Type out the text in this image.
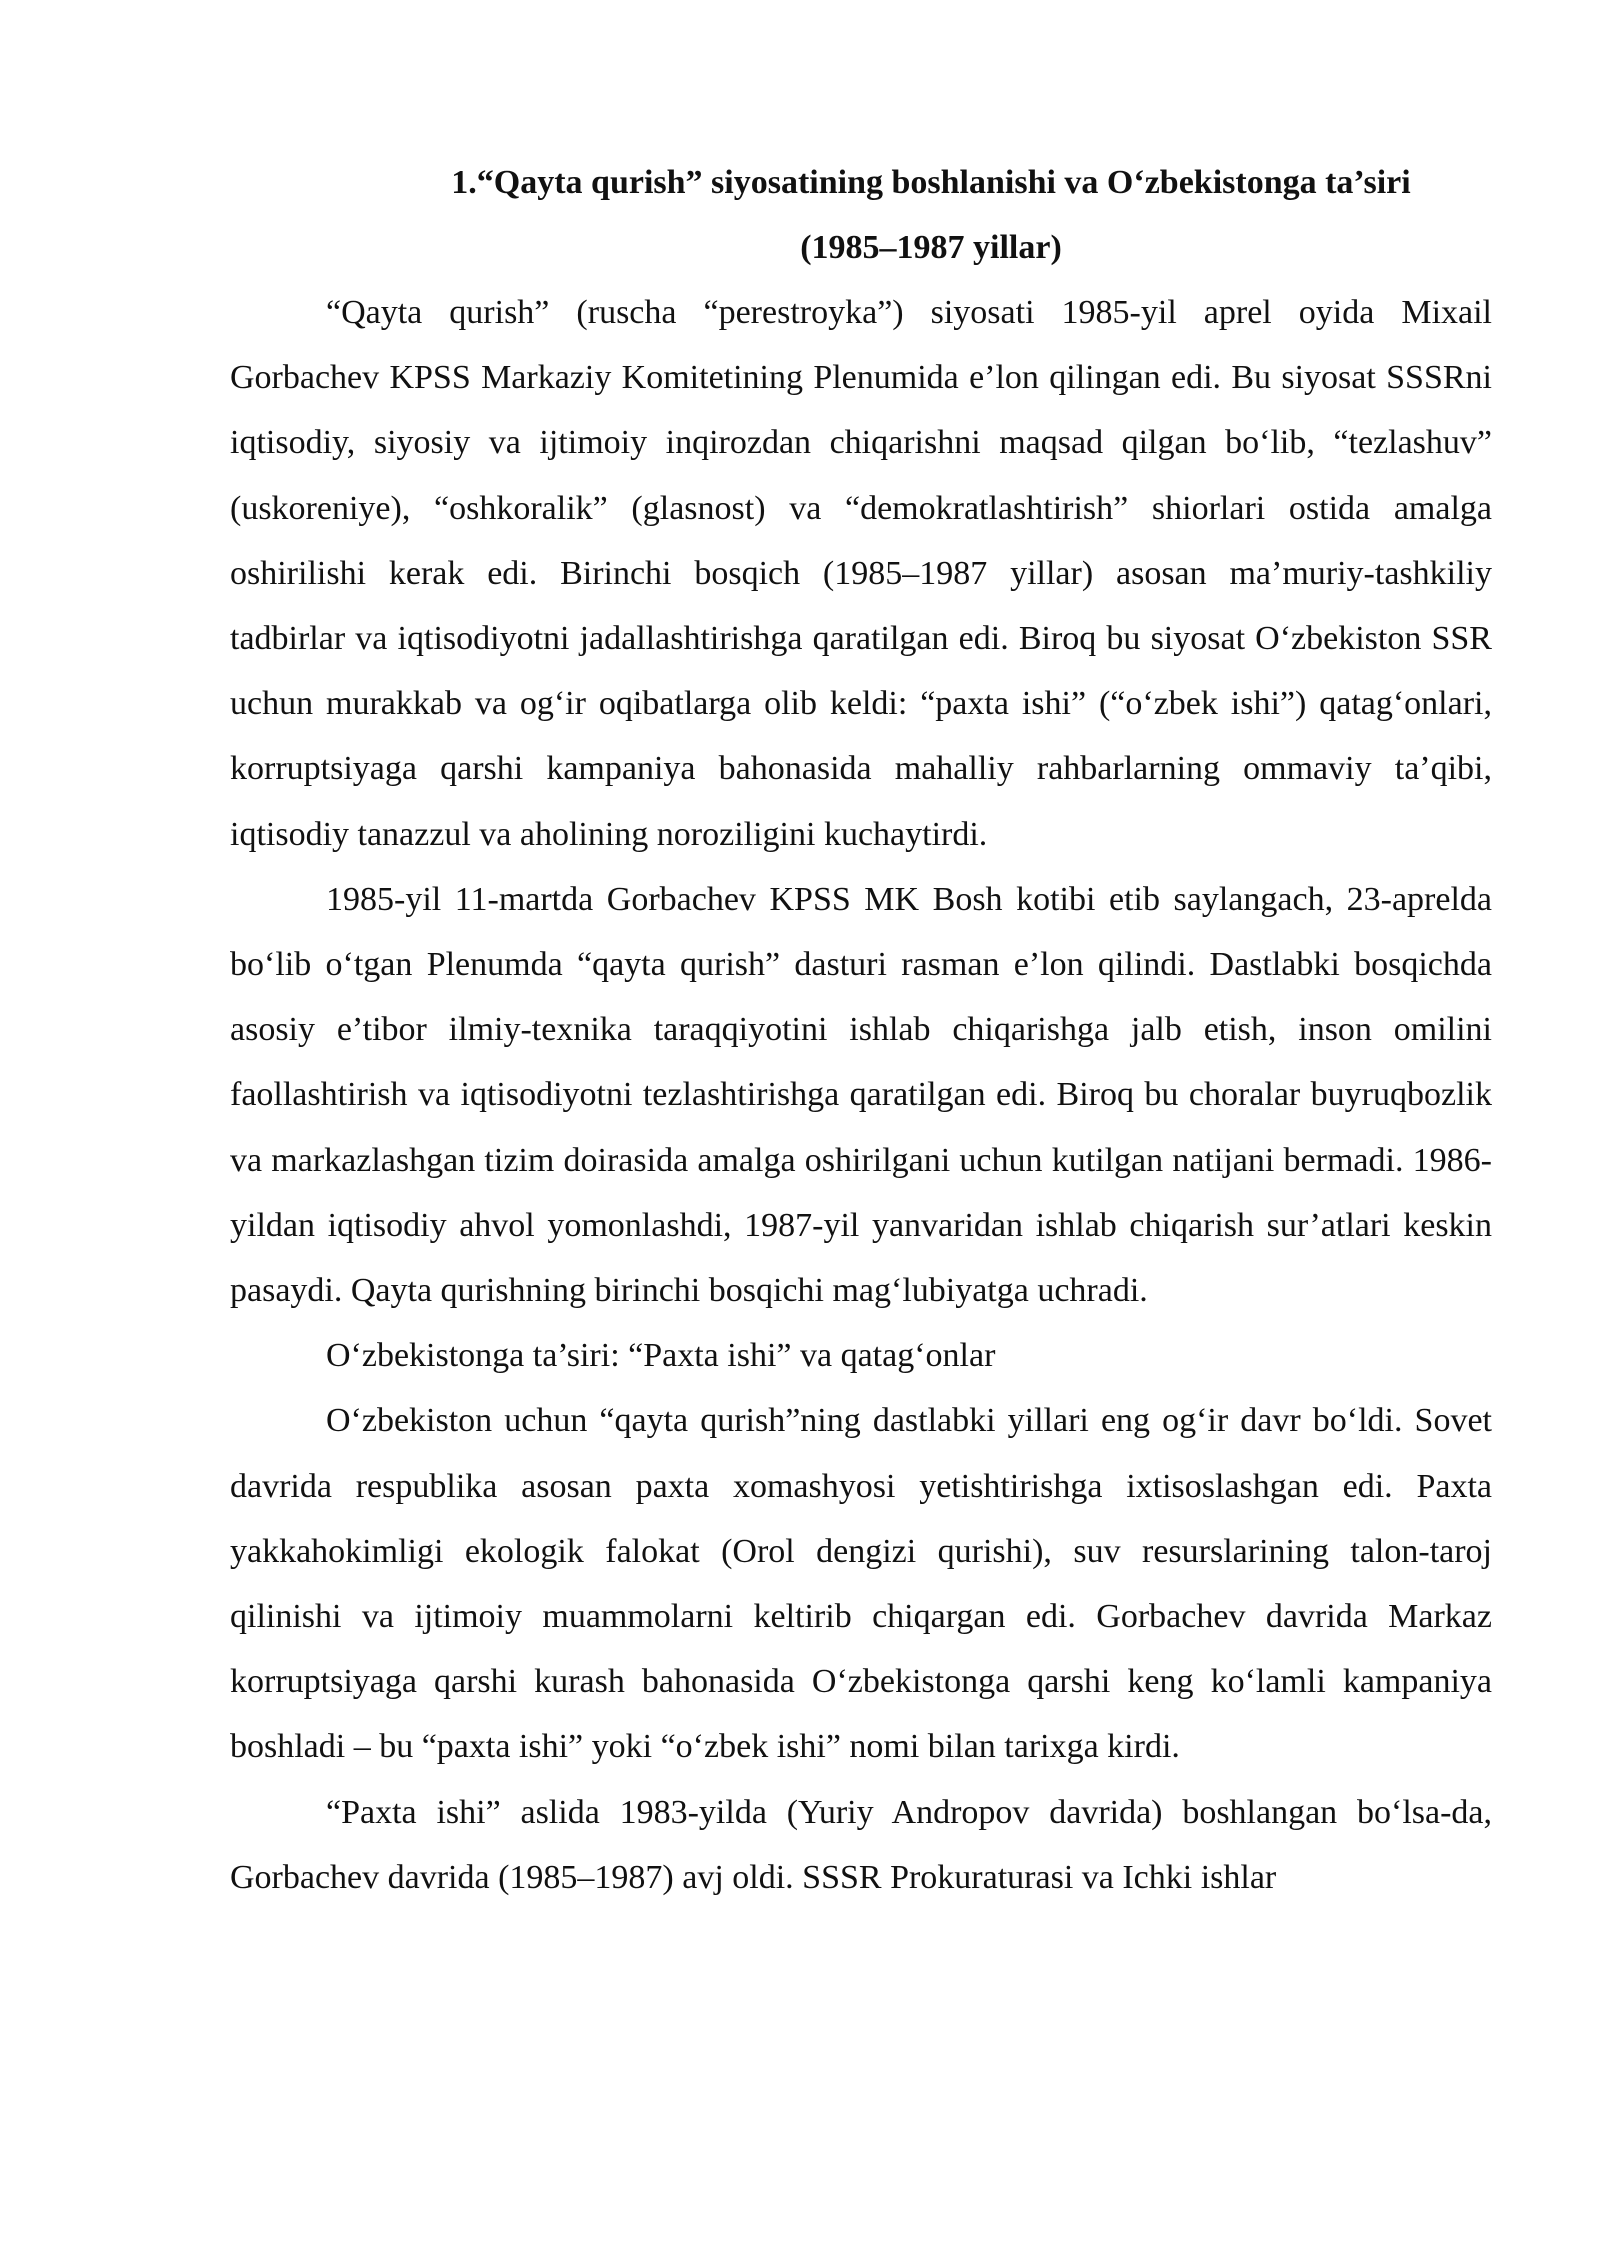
1.“Qayta qurish” siyosatining boshlanishi va O‘zbekistonga ta’siri
(1985–1987 yillar)

“Qayta qurish” (ruscha “perestroyka”) siyosati 1985-yil aprel oyida Mixail Gorbachev KPSS Markaziy Komitetining Plenumida e’lon qilingan edi. Bu siyosat SSSRni iqtisodiy, siyosiy va ijtimoiy inqirozdan chiqarishni maqsad qilgan bo‘lib, “tezlashuv” (uskoreniye), “oshkoralik” (glasnost) va “demokratlashtirish” shiorlari ostida amalga oshirilishi kerak edi. Birinchi bosqich (1985–1987 yillar) asosan ma’muriy-tashkiliy tadbirlar va iqtisodiyotni jadallashtirishga qaratilgan edi. Biroq bu siyosat O‘zbekiston SSR uchun murakkab va og‘ir oqibatlarga olib keldi: “paxta ishi” (“o‘zbek ishi”) qatag‘onlari, korruptsiyaga qarshi kampaniya bahonasida mahalliy rahbarlarning ommaviy ta’qibi, iqtisodiy tanazzul va aholining noroziligini kuchaytirdi.

1985-yil 11-martda Gorbachev KPSS MK Bosh kotibi etib saylangach, 23-aprelda bo‘lib o‘tgan Plenumda “qayta qurish” dasturi rasman e’lon qilindi. Dastlabki bosqichda asosiy e’tibor ilmiy-texnika taraqqiyotini ishlab chiqarishga jalb etish, inson omilini faollashtirish va iqtisodiyotni tezlashtirishga qaratilgan edi. Biroq bu choralar buyruqbozlik va markazlashgan tizim doirasida amalga oshirilgani uchun kutilgan natijani bermadi. 1986-yildan iqtisodiy ahvol yomonlashdi, 1987-yil yanvaridan ishlab chiqarish sur’atlari keskin pasaydi. Qayta qurishning birinchi bosqichi mag‘lubiyatga uchradi.

O‘zbekistonga ta’siri: “Paxta ishi” va qatag‘onlar

O‘zbekiston uchun “qayta qurish”ning dastlabki yillari eng og‘ir davr bo‘ldi. Sovet davrida respublika asosan paxta xomashyosi yetishtirishga ixtisoslashgan edi. Paxta yakkahokimligi ekologik falokat (Orol dengizi qurishi), suv resurslarining talon-taroj qilinishi va ijtimoiy muammolarni keltirib chiqargan edi. Gorbachev davrida Markaz korruptsiyaga qarshi kurash bahonasida O‘zbekistonga qarshi keng ko‘lamli kampaniya boshladi – bu “paxta ishi” yoki “o‘zbek ishi” nomi bilan tarixga kirdi.

“Paxta ishi” aslida 1983-yilda (Yuriy Andropov davrida) boshlangan bo‘lsa-da, Gorbachev davrida (1985–1987) avj oldi. SSSR Prokuraturasi va Ichki ishlar
